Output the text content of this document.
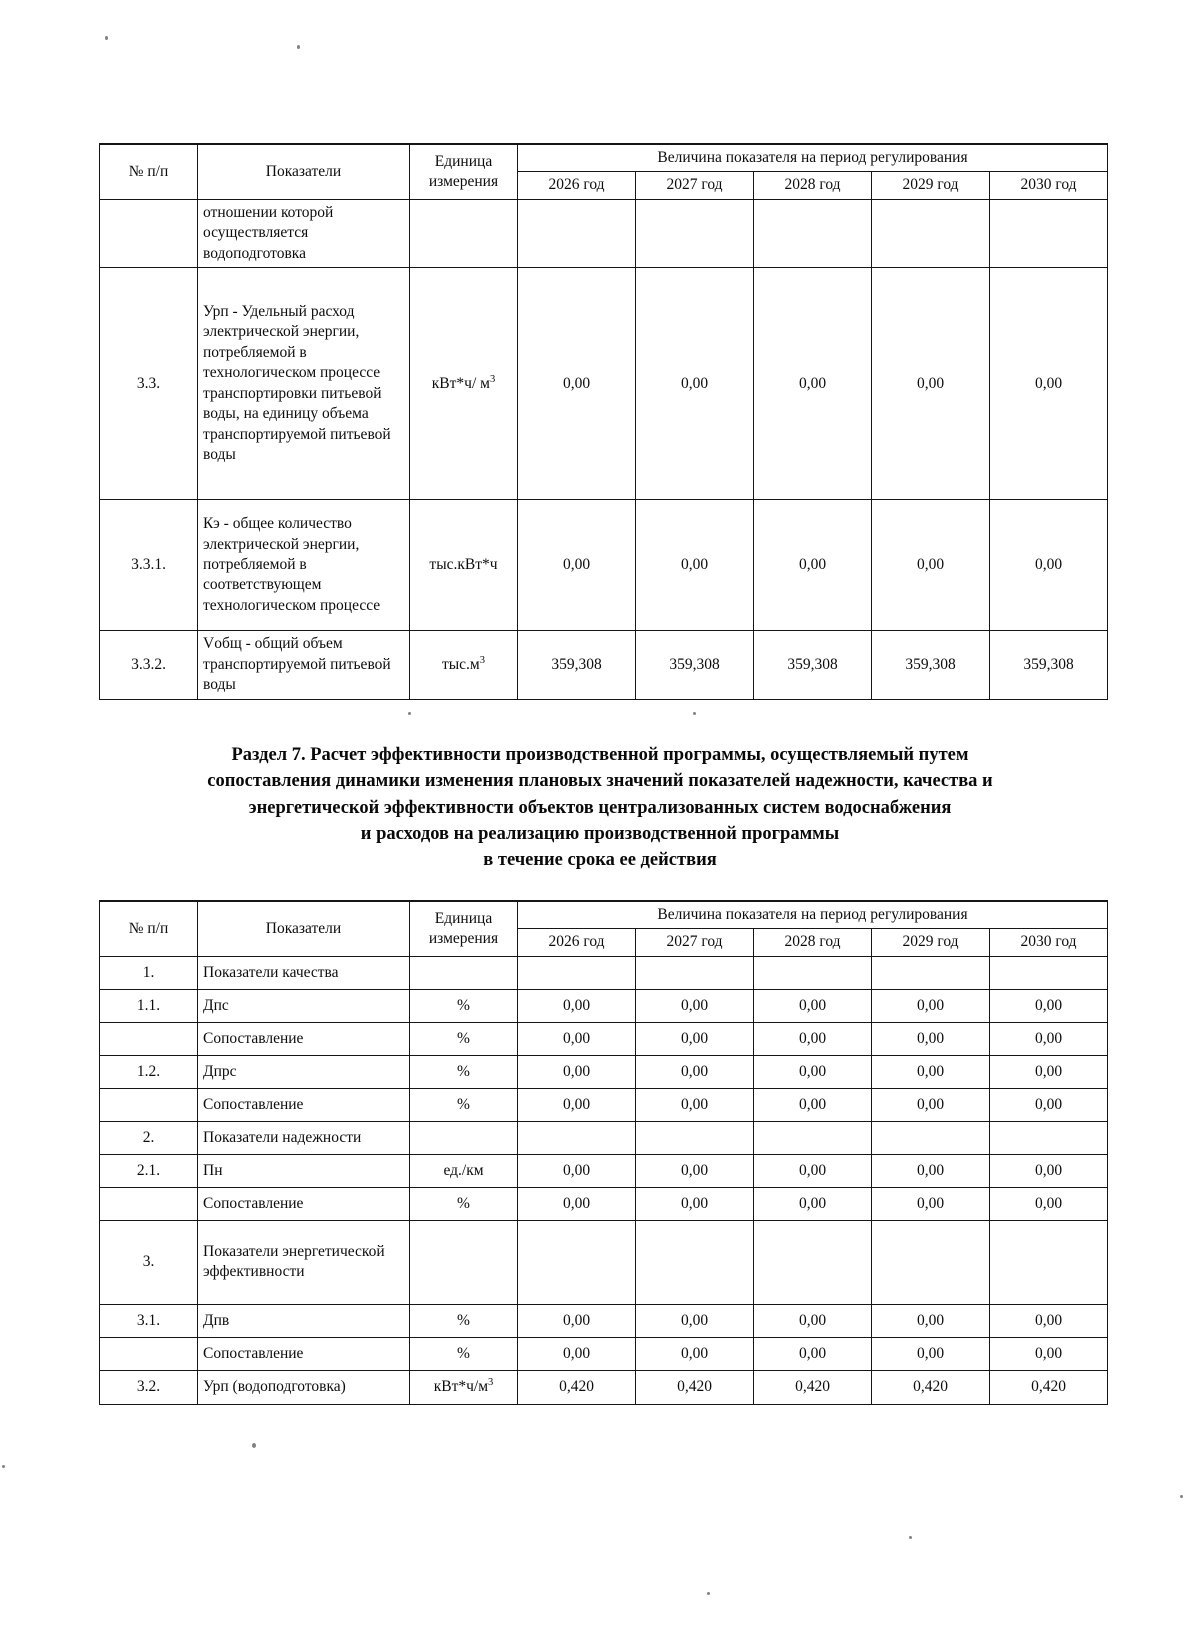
№ п/п	Показатели	Единица
измерения	Величина показателя на период регулирования				
			2026 год	2027 год	2028 год	2029 год	2030 год
	отношении которой осуществляется водоподготовка						
3.3.	Урп - Удельный расход электрической энергии, потребляемой в технологическом процессе транспортировки питьевой воды, на единицу объема транспортируемой питьевой воды	кВт*ч/ $м^3$	0,00	0,00	0,00	0,00	0,00
3.3.1.	Кэ - общее количество электрической энергии, потребляемой в соответствующем технологическом процессе	тыс.кВт*ч	0,00	0,00	0,00	0,00	0,00
3.3.2.	Vобщ - общий объем транспортируемой питьевой воды	$тыс.м^3$	359,308	359,308	359,308	359,308	359,308
Раздел 7. Расчет эффективности производственной программы, осуществляемый путем
сопоставления динамики изменения плановых значений показателей надежности, качества и
энергетической эффективности объектов централизованных систем водоснабжения
и расходов на реализацию производственной программы
в течение срока ее действия
№ п/п	Показатели	Единица
измерения	Величина показателя на период регулирования				
			2026 год	2027 год	2028 год	2029 год	2030 год
1.	Показатели качества						
1.1.	Дпс	%	0,00	0,00	0,00	0,00	0,00
	Сопоставление	%	0,00	0,00	0,00	0,00	0,00
1.2.	Дпрс	%	0,00	0,00	0,00	0,00	0,00
	Сопоставление	%	0,00	0,00	0,00	0,00	0,00
2.	Показатели надежности						
2.1.	Пн	ед./км	0,00	0,00	0,00	0,00	0,00
	Сопоставление	%	0,00	0,00	0,00	0,00	0,00
3.	Показатели энергетической эффективности						
3.1.	Дпв	%	0,00	0,00	0,00	0,00	0,00
	Сопоставление	%	0,00	0,00	0,00	0,00	0,00
3.2.	Урп (водоподготовка)	$кВт*ч/м^3$	0,420	0,420	0,420	0,420	0,420
